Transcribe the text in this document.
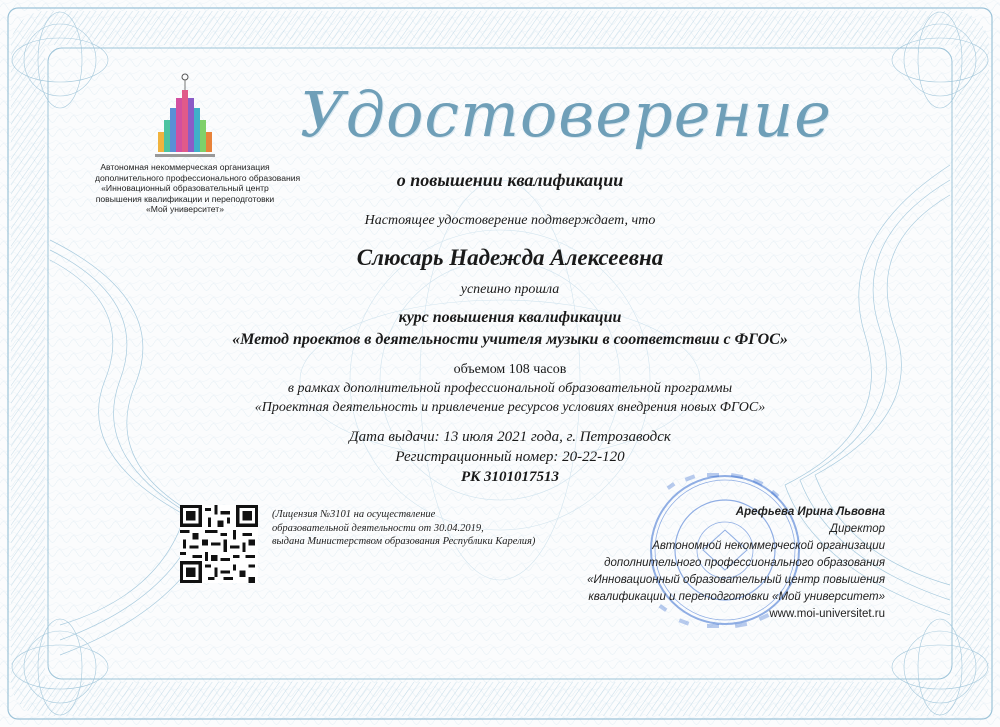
Автономная некоммерческая организация
дополнительного профессионального образования
«Инновационный образовательный центр
повышения квалификации и переподготовки
«Мой университет»
Удостоверение
о повышении квалификации
Настоящее удостоверение подтверждает, что
Слюсарь Надежда Алексеевна
успешно прошла
курс повышения квалификации
«Метод проектов в деятельности учителя музыки в соответствии с ФГОС»
объемом 108 часов
в рамках дополнительной профессиональной образовательной программы
«Проектная деятельность и привлечение ресурсов условиях внедрения новых ФГОС»
Дата выдачи: 13 июля 2021 года, г. Петрозаводск
Регистрационный номер: 20-22-120
РК 3101017513
(Лицензия №3101 на осуществление
образовательной деятельности от 30.04.2019,
выдана Министерством образования Республики Карелия)
Арефьева Ирина Львовна
Директор
Автономной некоммерческой организации
дополнительного профессионального образования
«Инновационный образовательный центр повышения
квалификации и переподготовки «Мой университет»
www.moi-universitet.ru
